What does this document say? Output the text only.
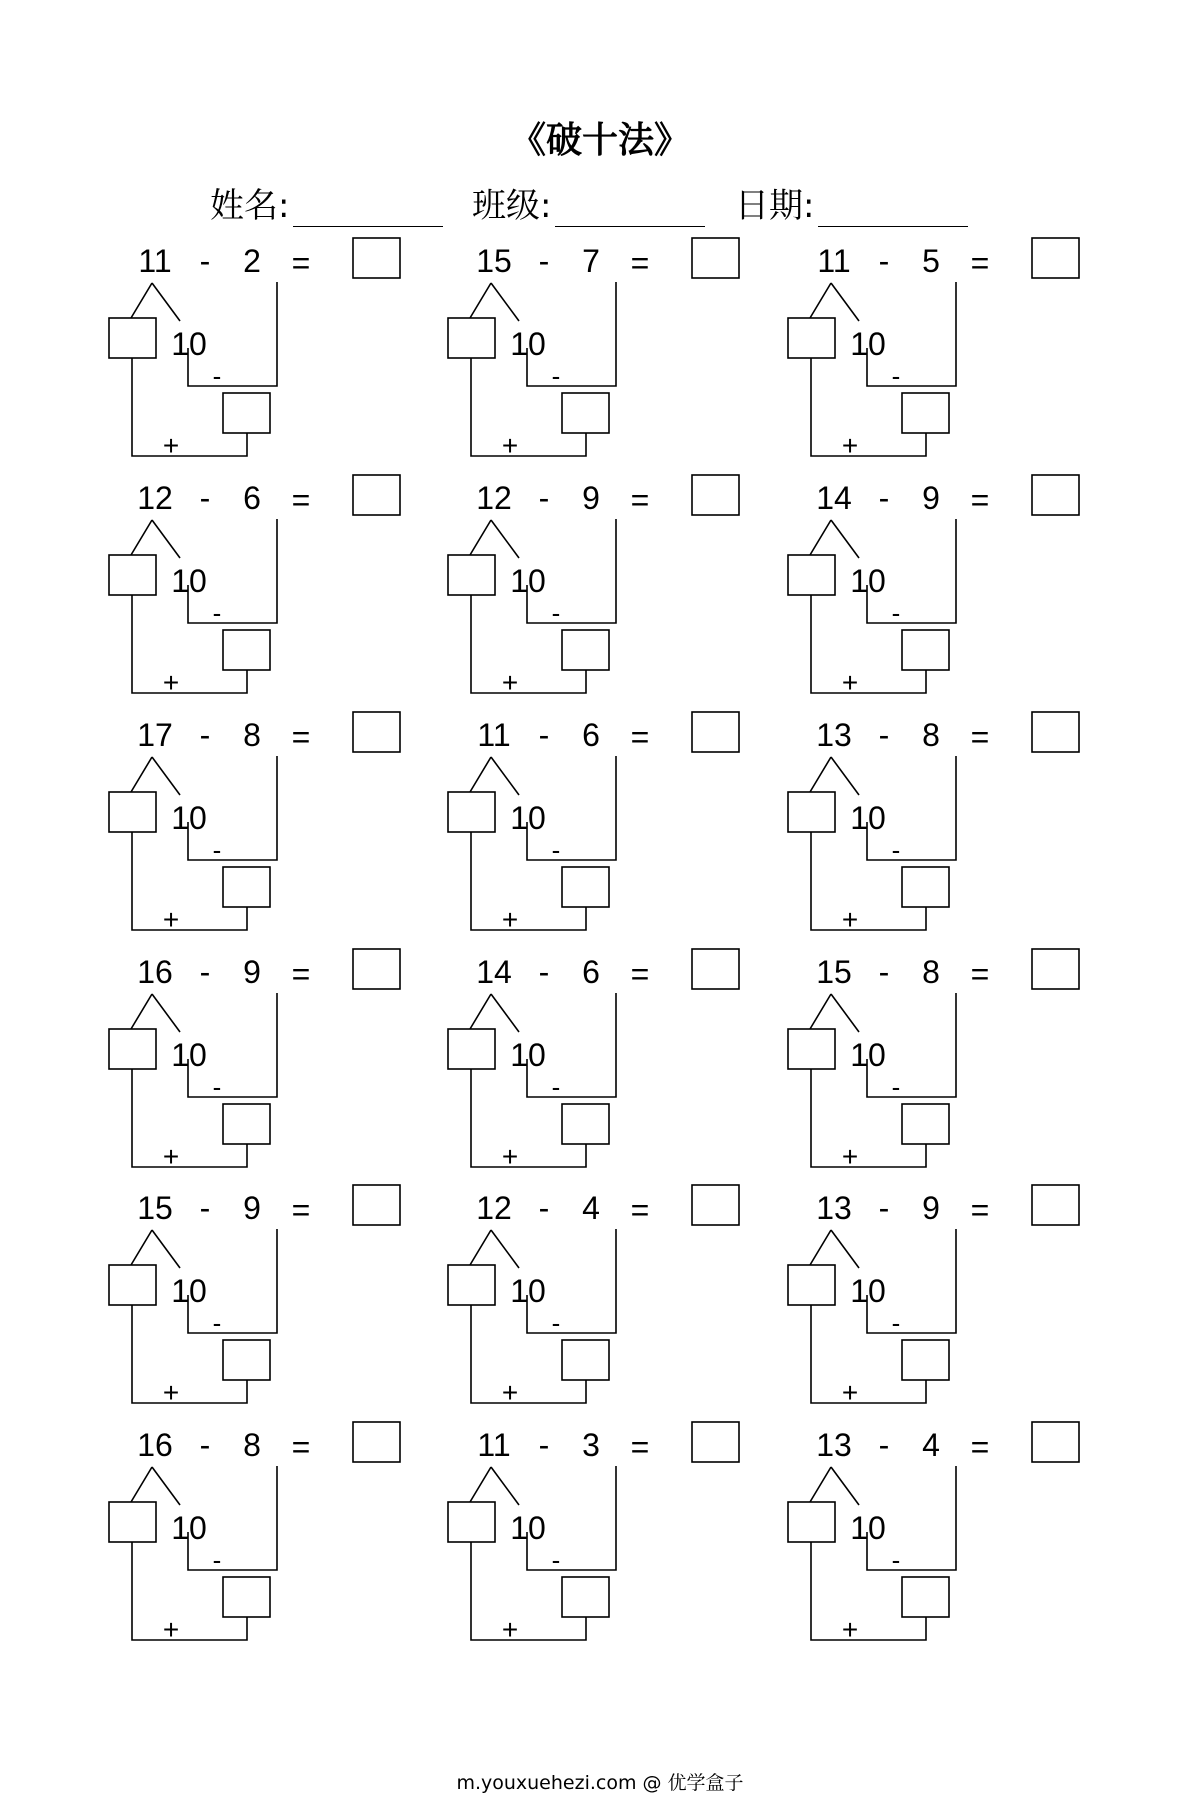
《破十法》
姓名:	班级:	日期:
11 -	2 =
10
-
+
15 -	7 =
10
-
+
11 -	5 =
10
-
+
12 -	6 =
10
-
+
12 -	9 =
10
-
+
14 -	9 =
10
-
+
17 -	8 =
10
-
+
11 -	6 =
10
-
+
13 -	8 =
10
-
+
16 -	9 =
10
-
+
14 -	6 =
10
-
+
15 -	8 =
10
-
+
15 -	9 =
10
-
+
12 -	4 =
10
-
+
13 -	9 =
10
-
+
16 -	8 =
10
-
+
11 -	3 =
10
-
+
13 -	4 =
10
-
+
m.youxuehezi.com @ 优学盒子
